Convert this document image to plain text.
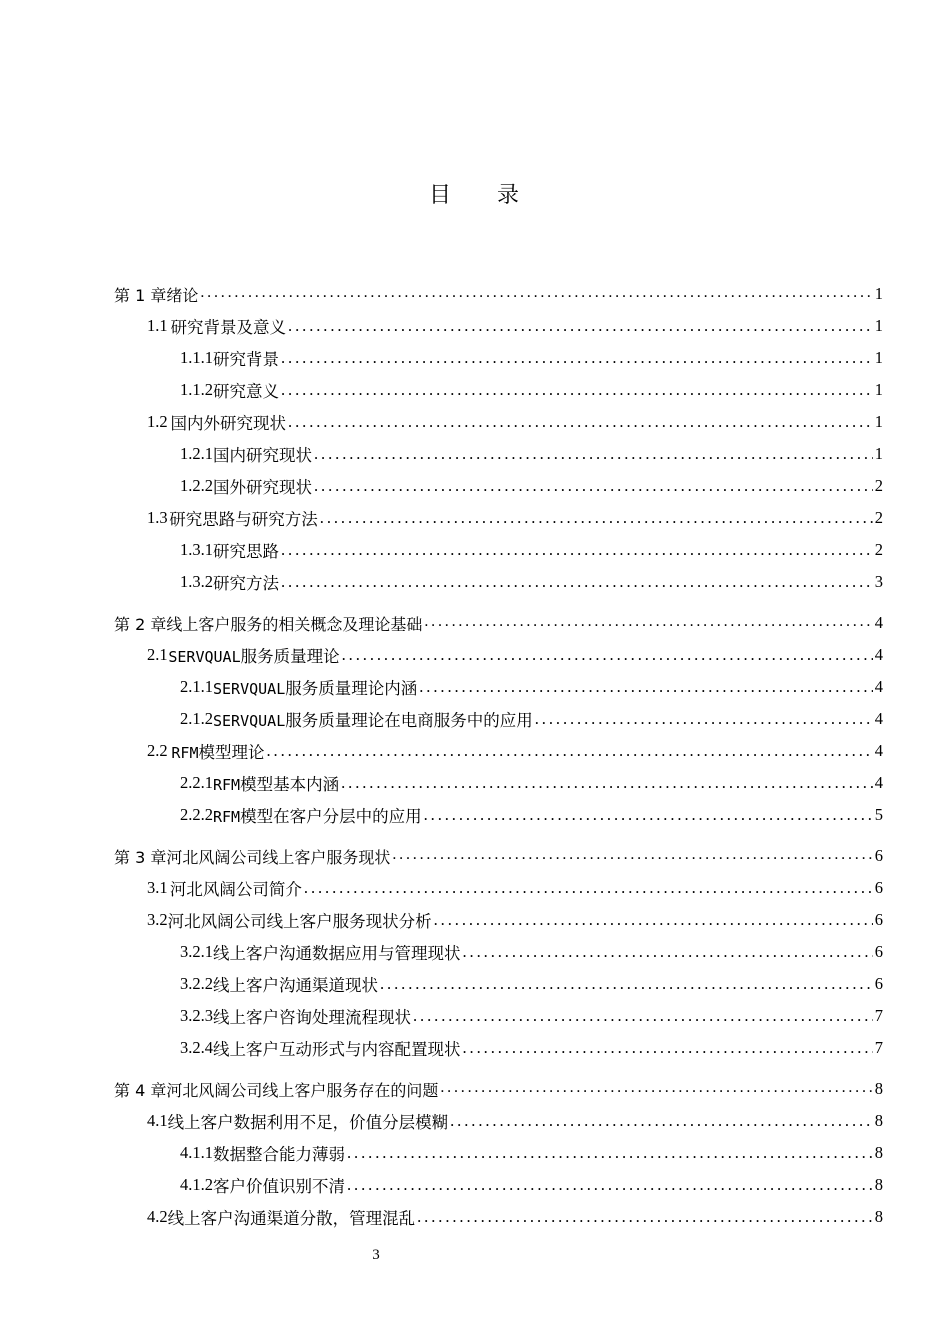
目 录
第 1 章 绪论 . . .	1
1.1 研究背景及意义 . . .	1
1.1.1 研究背景 . . .	1
1.1.2 研究意义 . . .	1
1.2 国内外研究现状 . . .	1
1.2.1 国内研究现状 . . .	1
1.2.2 国外研究现状 . . .	2
1.3 研究思路与研究方法 . . .	2
1.3.1 研究思路 . . .	2
1.3.2 研究方法 . . .	3
第 2 章 线上客户服务的相关概念及理论基础 . . .	4
2.1 SERVQUAL服务质量理论 . . .	4
2.1.1 SERVQUAL服务质量理论内涵 . . .	4
2.1.2 SERVQUAL服务质量理论在电商服务中的应用 . . .	4
2.2 RFM模型理论 . . .	4
2.2.1 RFM模型基本内涵 . . .	4
2.2.2 RFM模型在客户分层中的应用 . . .	5
第 3 章 河北风阔公司线上客户服务现状 . . .	6
3.1 河北风阔公司简介 . . .	6
3.2 河北风阔公司线上客户服务现状分析 . . .	6
3.2.1 线上客户沟通数据应用与管理现状 . . .	6
3.2.2 线上客户沟通渠道现状 . . .	6
3.2.3 线上客户咨询处理流程现状 . . .	7
3.2.4 线上客户互动形式与内容配置现状 . . .	7
第 4 章 河北风阔公司线上客户服务存在的问题 . . .	8
4.1 线上客户数据利用不足，价值分层模糊 . . .	8
4.1.1 数据整合能力薄弱 . . .	8
4.1.2 客户价值识别不清 . . .	8
4.2 线上客户沟通渠道分散，管理混乱 . . .	8
3
